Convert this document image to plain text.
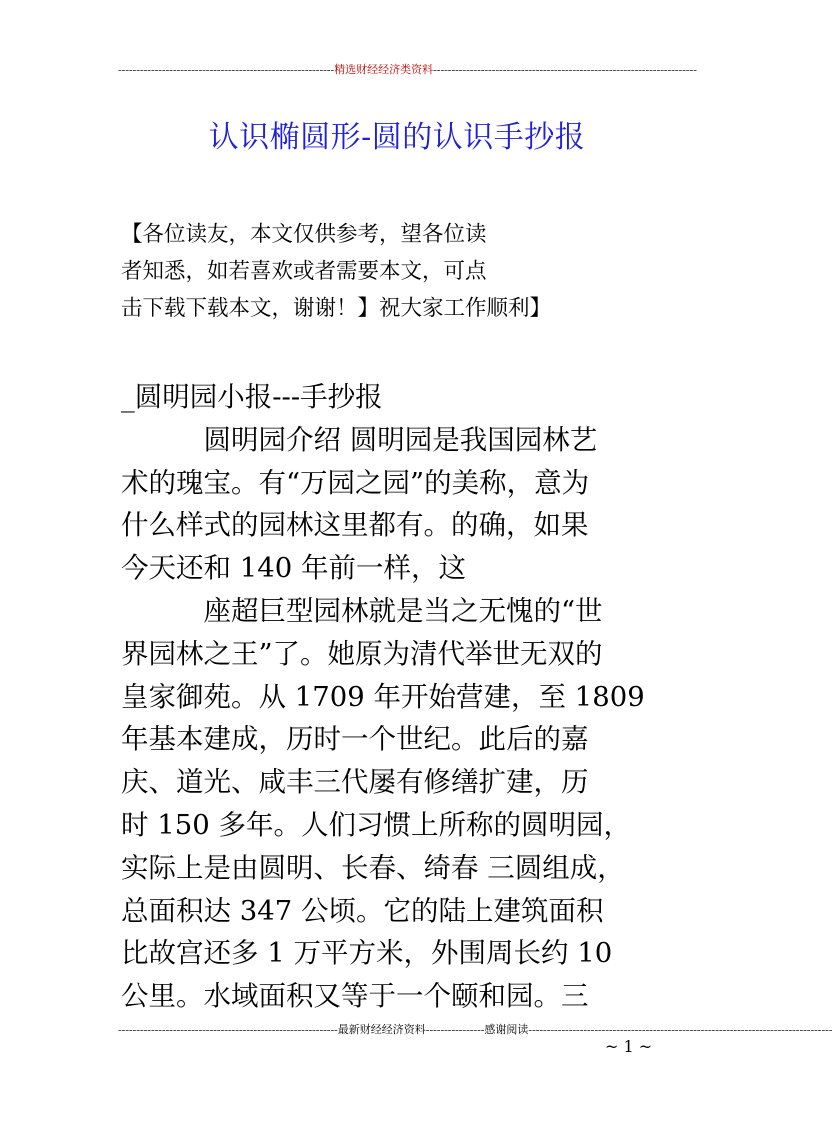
-----------------------------------------------------------精选财经经济类资料------------------------------------------------------------------------
认识椭圆形-圆的认识手抄报
【各位读友，本文仅供参考，望各位读
者知悉，如若喜欢或者需要本文，可点
击下载下载本文，谢谢！】祝大家工作顺利】
_圆明园小报---手抄报
　　　圆明园介绍 圆明园是我国园林艺
术的瑰宝。有“万园之园”的美称，意为
什么样式的园林这里都有。的确，如果
今天还和 140 年前一样，这
　　　座超巨型园林就是当之无愧的“世
界园林之王”了。她原为清代举世无双的
皇家御苑。从 1709 年开始营建，至 1809
年基本建成，历时一个世纪。此后的嘉
庆、道光、咸丰三代屡有修缮扩建，历
时 150 多年。人们习惯上所称的圆明园，
实际上是由圆明、长春、绮春 三圆组成，
总面积达 347 公顷。它的陆上建筑面积
比故宫还多 1 万平方米，外围周长约 10
公里。水域面积又等于一个颐和园。三
------------------------------------------------------------最新财经经济资料----------------感谢阅读-----------------------------------------------------------------------------------
~ 1 ~
